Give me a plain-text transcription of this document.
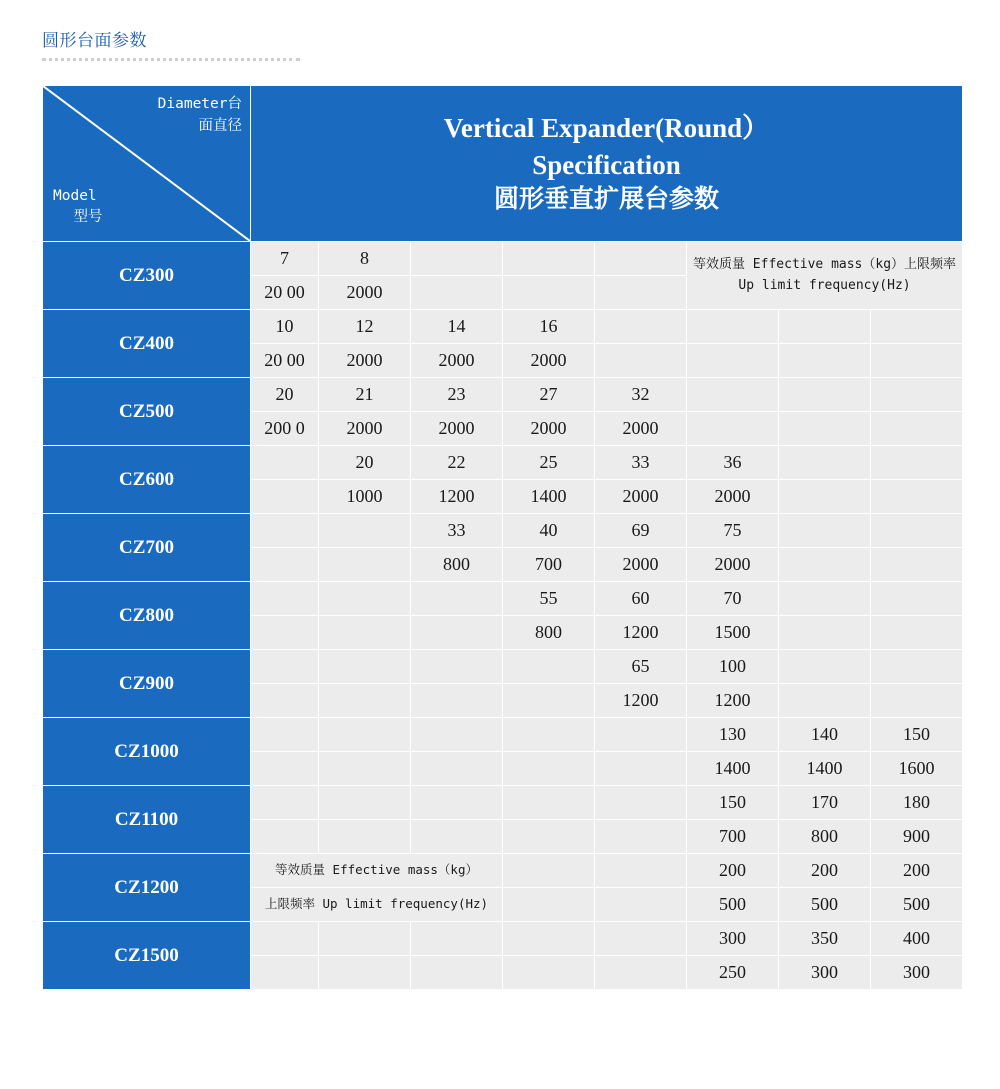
圆形台面参数
Diameter台
面直径
Model
型号

Vertical Expander(Round）
Specification
圆形垂直扩展台参数

CZ300	7	8				等效质量 Effective mass（kg）上限频率 Up limit frequency(Hz)		
	20 00	2000						
CZ400	10	12	14	16				
	20 00	2000	2000	2000				
CZ500	20	21	23	27	32			
	200 0	2000	2000	2000	2000			
CZ600		20	22	25	33	36		
		1000	1200	1400	2000	2000		
CZ700			33	40	69	75		
			800	700	2000	2000		
CZ800				55	60	70		
				800	1200	1500		
CZ900					65	100		
					1200	1200		
CZ1000						130	140	150
						1400	1400	1600
CZ1100						150	170	180
						700	800	900
CZ1200	等效质量 Effective mass（kg）					200	200	200
	上限频率 Up limit frequency(Hz)					500	500	500
CZ1500						300	350	400
						250	300	300
